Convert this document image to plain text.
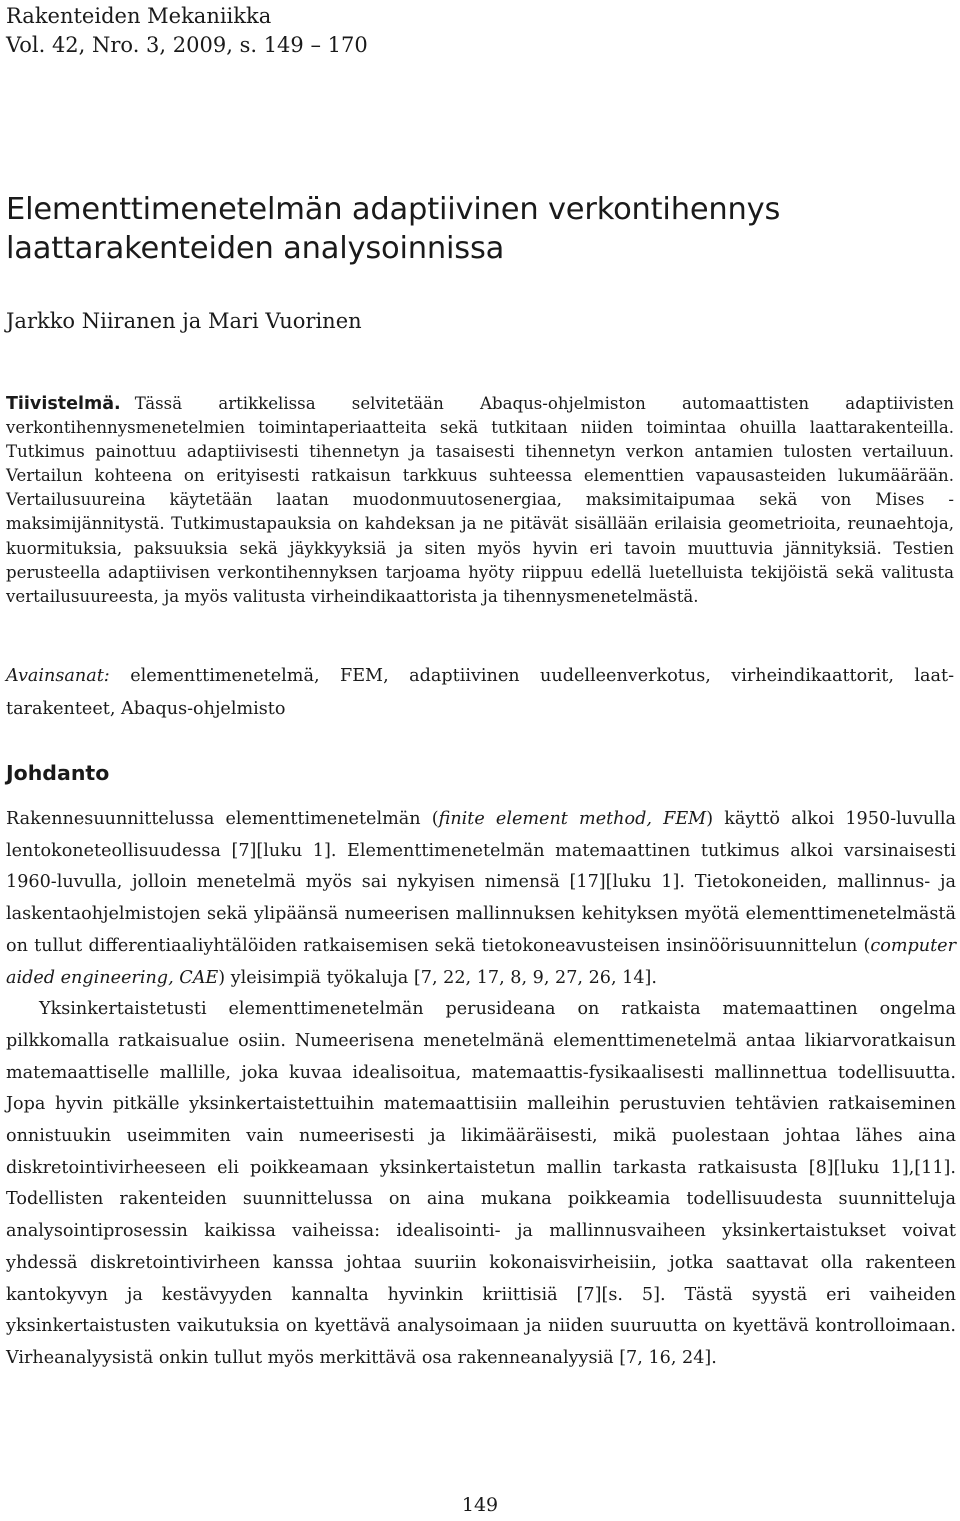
Rakenteiden Mekaniikka
Vol. 42, Nro. 3, 2009, s. 149 – 170
Elementtimenetelmän adaptiivinen verkontihennys
laattarakenteiden analysoinnissa
Jarkko Niiranen ja Mari Vuorinen
Tiivistelmä. Tässä artikkelissa selvitetään Abaqus-ohjelmiston automaattisten adaptiivisten verkontihennysmenetelmien toimintaperiaatteita sekä tutkitaan niiden toimintaa ohuilla laattarakenteilla. Tutkimus painottuu adaptiivisesti tihennetyn ja tasaisesti tihennetyn verkon antamien tulosten vertailuun. Vertailun kohteena on erityisesti ratkaisun tarkkuus suhteessa elementtien vapausasteiden lukumäärään. Vertailusuureina käytetään laatan muodonmuutosenergiaa, maksimitaipumaa sekä von Mises -maksimijännitystä. Tutkimustapauksia on kahdeksan ja ne pitävät sisällään erilaisia geometrioita, reunaehtoja, kuormituksia, paksuuksia sekä jäykkyyksiä ja siten myös hyvin eri tavoin muuttuvia jännityksiä. Testien perusteella adaptiivisen verkontihennyksen tarjoama hyöty riippuu edellä luetelluista tekijöistä sekä valitusta vertailusuureesta, ja myös valitusta virheindikaattorista ja tihennysmenetelmästä.
Avainsanat: elementtimenetelmä, FEM, adaptiivinen uudelleenverkotus, virheindikaattorit, laattarakenteet, Abaqus-ohjelmisto
Johdanto

Rakennesuunnittelussa elementtimenetelmän (finite element method, FEM) käyttö alkoi 1950-luvulla lentokoneteollisuudessa [7][luku 1]. Elementtimenetelmän matemaattinen tutkimus alkoi varsinaisesti 1960-luvulla, jolloin menetelmä myös sai nykyisen nimensä [17][luku 1]. Tietokoneiden, mallinnus- ja laskentaohjelmistojen sekä ylipäänsä numeerisen mallinnuksen kehityksen myötä elementtimenetelmästä on tullut differentiaaliyhtälöiden ratkaisemisen sekä tietokoneavusteisen insinöörisuunnittelun (computer aided engineering, CAE) yleisimpiä työkaluja [7, 22, 17, 8, 9, 27, 26, 14].

Yksinkertaistetusti elementtimenetelmän perusideana on ratkaista matemaattinen ongelma pilkkomalla ratkaisualue osiin. Numeerisena menetelmänä elementtimenetelmä antaa likiarvoratkaisun matemaattiselle mallille, joka kuvaa idealisoitua, matemaattis-fysikaalisesti mallinnettua todellisuutta. Jopa hyvin pitkälle yksinkertaistettuihin matemaattisiin malleihin perustuvien tehtävien ratkaiseminen onnistuukin useimmiten vain numeerisesti ja likimääräisesti, mikä puolestaan johtaa lähes aina diskretointivirheeseen eli poikkeamaan yksinkertaistetun mallin tarkasta ratkaisusta [8][luku 1],[11]. Todellisten rakenteiden suunnittelussa on aina mukana poikkeamia todellisuudesta suunnitteluja analysointiprosessin kaikissa vaiheissa: idealisointi- ja mallinnusvaiheen yksinkertaistukset voivat yhdessä diskretointivirheen kanssa johtaa suuriin kokonaisvirheisiin, jotka saattavat olla rakenteen kantokyvyn ja kestävyyden kannalta hyvinkin kriittisiä [7][s. 5]. Tästä syystä eri vaiheiden yksinkertaistusten vaikutuksia on kyettävä analysoimaan ja niiden suuruutta on kyettävä kontrolloimaan. Virheanalyysistä onkin tullut myös merkittävä osa rakenneanalyysiä [7, 16, 24].

149
